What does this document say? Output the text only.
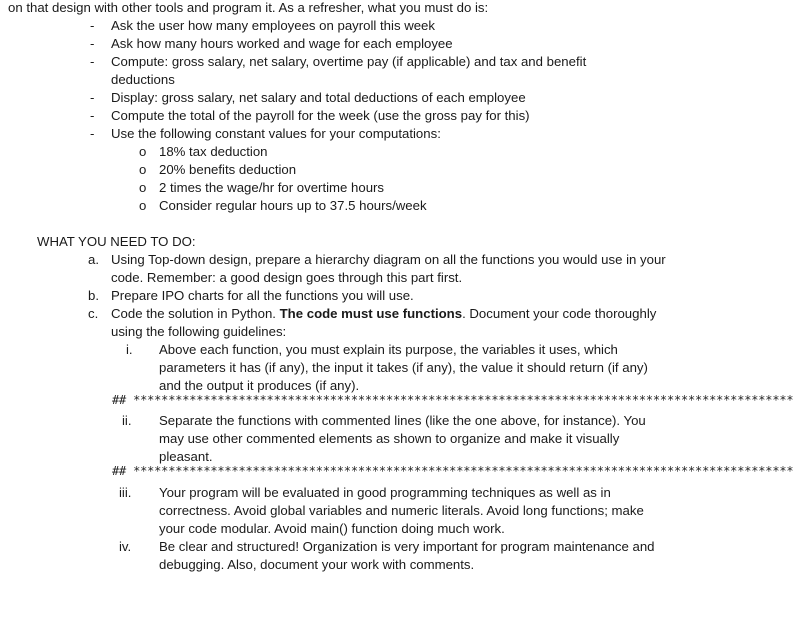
on that design with other tools and program it. As a refresher, what you must do is:
- Ask the user how many employees on payroll this week
- Ask how many hours worked and wage for each employee
- Compute: gross salary, net salary, overtime pay (if applicable) and tax and benefit deductions
- Display: gross salary, net salary and total deductions of each employee
- Compute the total of the payroll for the week (use the gross pay for this)
- Use the following constant values for your computations:
o 18% tax deduction
o 20% benefits deduction
o 2 times the wage/hr for overtime hours
o Consider regular hours up to 37.5 hours/week
WHAT YOU NEED TO DO:
a. Using Top-down design, prepare a hierarchy diagram on all the functions you would use in your code. Remember: a good design goes through this part first.
b. Prepare IPO charts for all the functions you will use.
c. Code the solution in Python. The code must use functions. Document your code thoroughly using the following guidelines:
i. Above each function, you must explain its purpose, the variables it uses, which parameters it has (if any), the input it takes (if any), the value it should return (if any) and the output it produces (if any).
## **********************************************************************************************
ii. Separate the functions with commented lines (like the one above, for instance). You may use other commented elements as shown to organize and make it visually pleasant.
## **********************************************************************************************
iii. Your program will be evaluated in good programming techniques as well as in correctness. Avoid global variables and numeric literals. Avoid long functions; make your code modular. Avoid main() function doing much work.
iv. Be clear and structured! Organization is very important for program maintenance and debugging. Also, document your work with comments.
